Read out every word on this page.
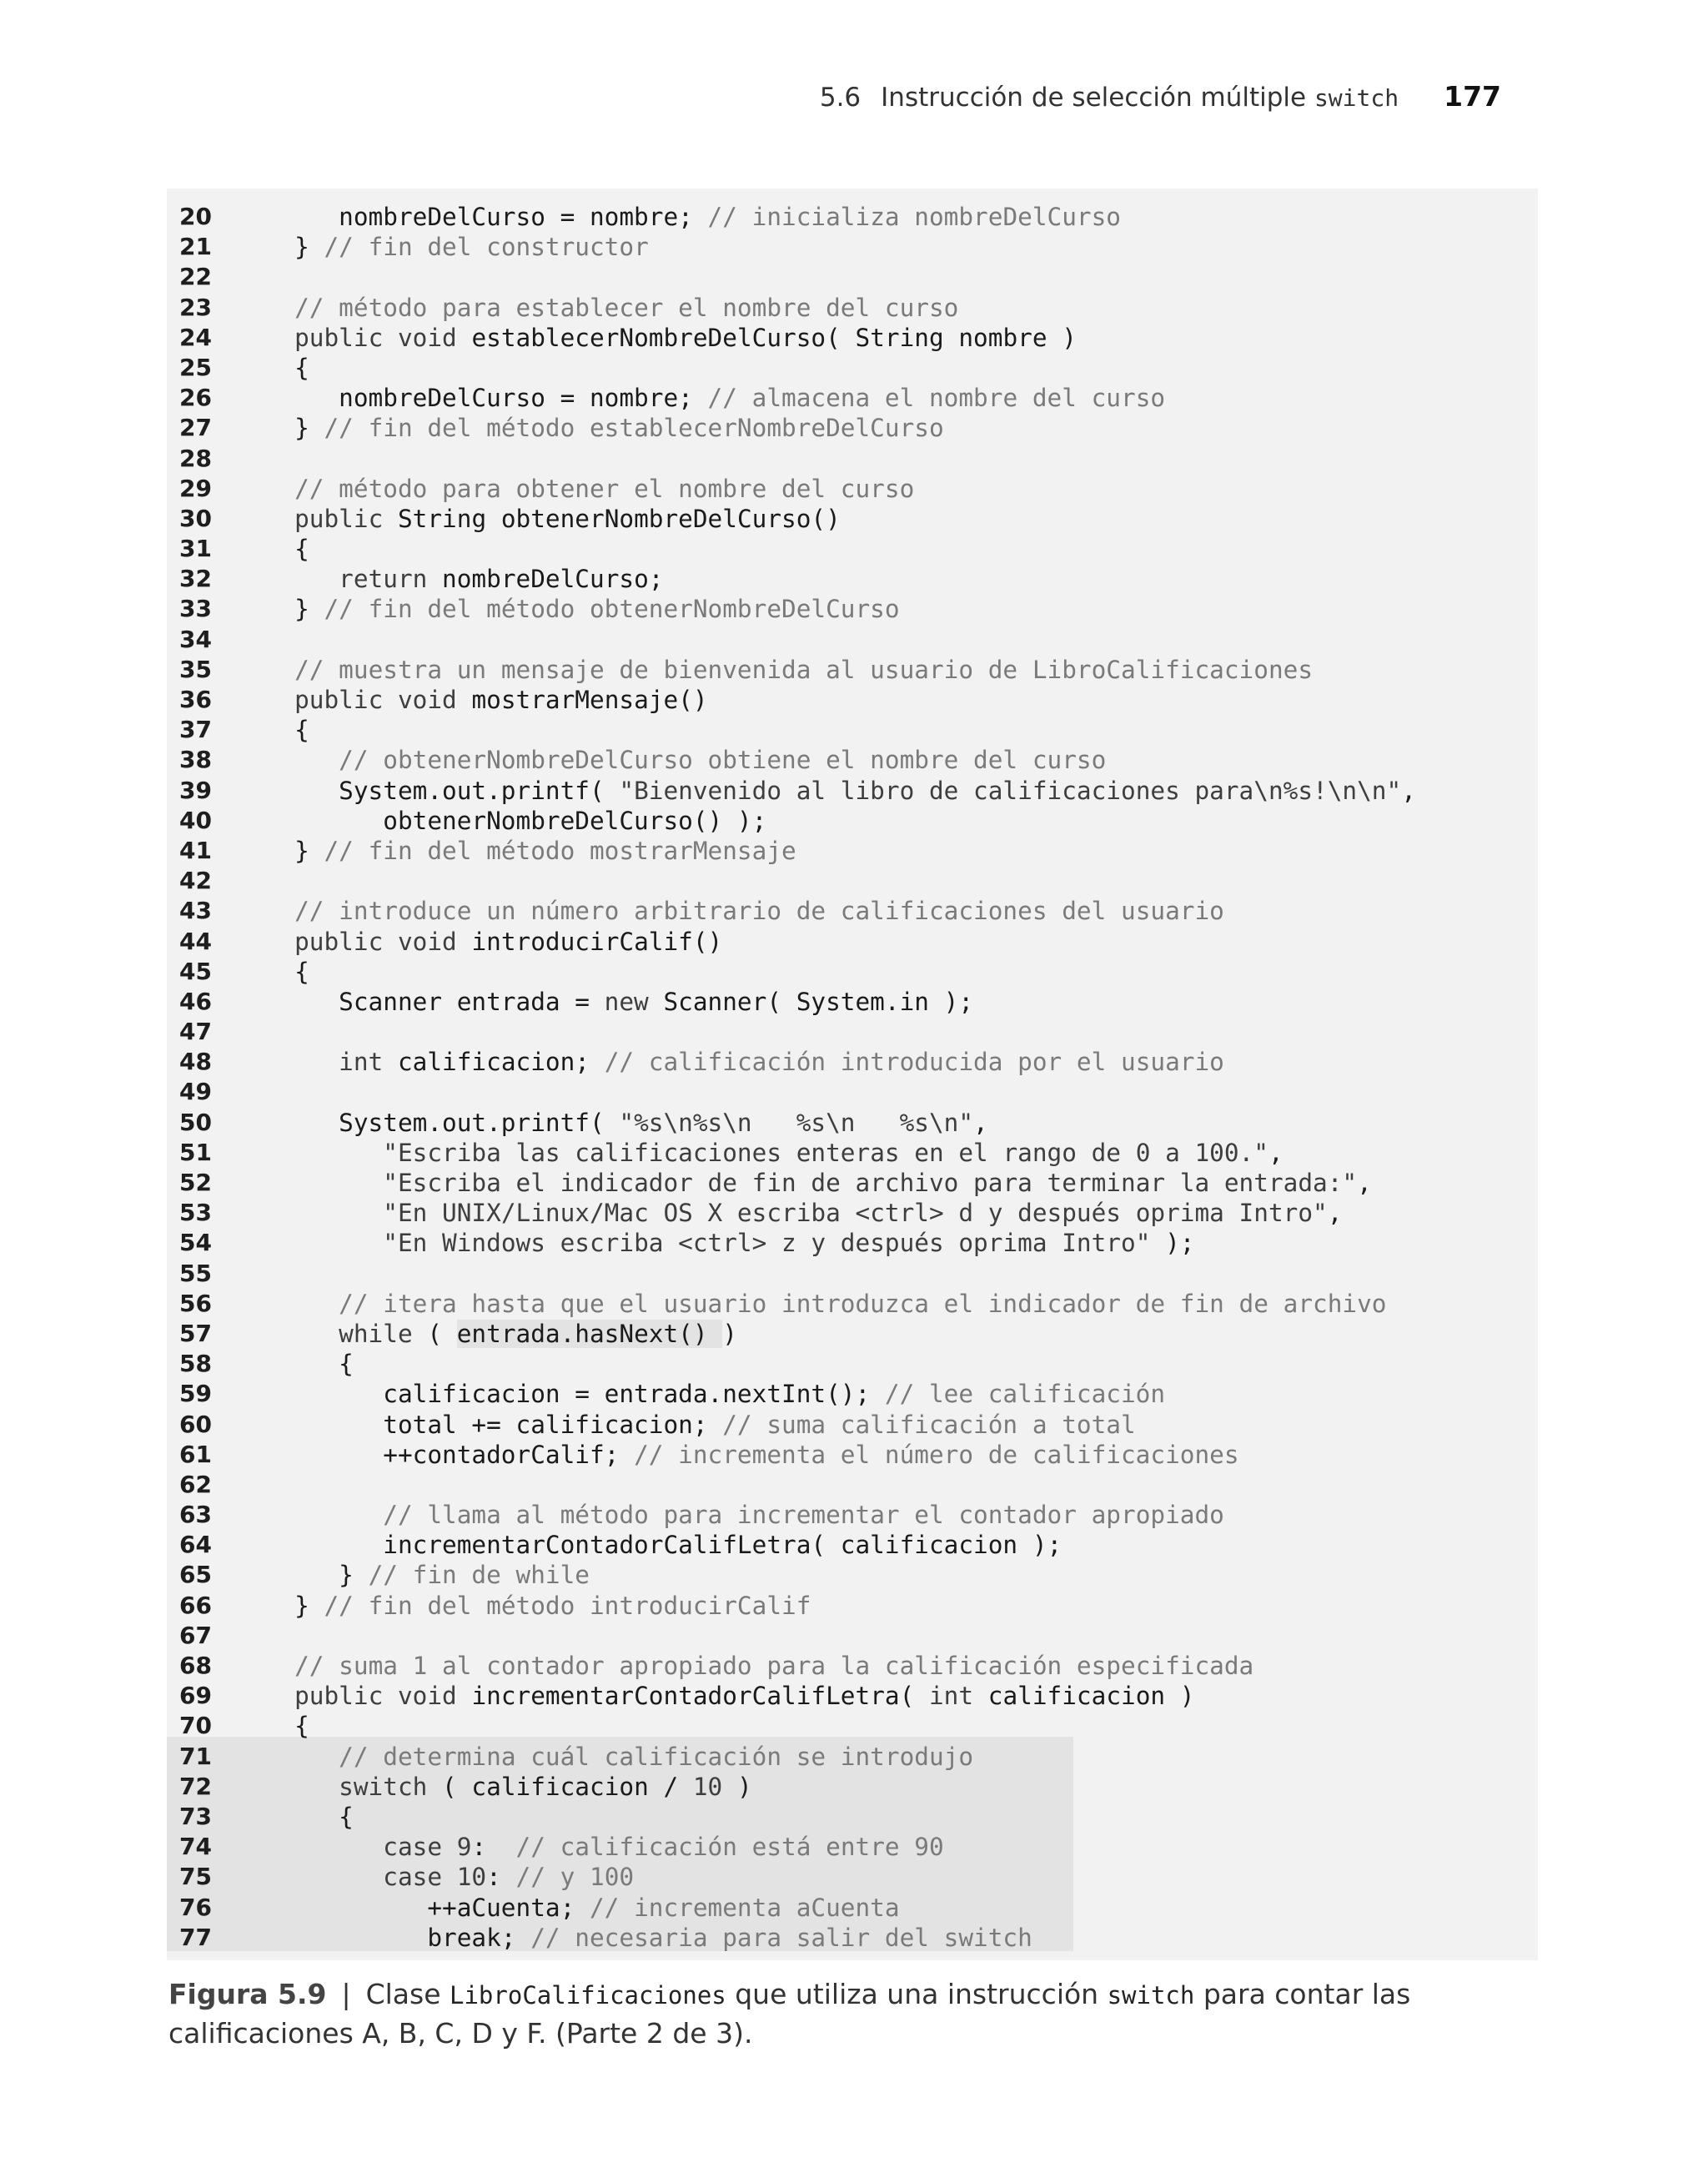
5.6 Instrucción de selección múltiple switch 177
20 nombreDelCurso = nombre; // inicializa nombreDelCurso
21 } // fin del constructor
22
23	// método para establecer el nombre del curso
24	public void establecerNombreDelCurso( String nombre )
25 {
26 nombreDelCurso = nombre; // almacena el nombre del curso
27 } // fin del método establecerNombreDelCurso
28
29	// método para obtener el nombre del curso
30	public String obtenerNombreDelCurso()
31 {
32	return nombreDelCurso;
33 } // fin del método obtenerNombreDelCurso
34
35	// muestra un mensaje de bienvenida al usuario de LibroCalificaciones
36	public void mostrarMensaje()
37 {
38	// obtenerNombreDelCurso obtiene el nombre del curso
39 System.out.printf( "Bienvenido al libro de calificaciones para\n%s!\n\n",
40 obtenerNombreDelCurso() );
41 } // fin del método mostrarMensaje
42
43	// introduce un número arbitrario de calificaciones del usuario
44	public void introducirCalif()
45 {
46 Scanner entrada = new Scanner( System.in );
47
48	int calificacion; // calificación introducida por el usuario
49
50 System.out.printf( "%s\n%s\n   %s\n   %s\n",
51	"Escriba las calificaciones enteras en el rango de 0 a 100.",
52	"Escriba el indicador de fin de archivo para terminar la entrada:",
53	"En UNIX/Linux/Mac OS X escriba <ctrl> d y después oprima Intro",
54	"En Windows escriba <ctrl> z y después oprima Intro" );
55
56	// itera hasta que el usuario introduzca el indicador de fin de archivo
57	while ( entrada.hasNext() )
58 {
59 calificacion = entrada.nextInt(); // lee calificación
60 total += calificacion; // suma calificación a total
61 ++contadorCalif; // incrementa el número de calificaciones
62
63	// llama al método para incrementar el contador apropiado
64 incrementarContadorCalifLetra( calificacion );
65 } // fin de while
66 } // fin del método introducirCalif
67
68	// suma 1 al contador apropiado para la calificación especificada
69	public void incrementarContadorCalifLetra( int calificacion )
70 {
71	// determina cuál calificación se introdujo
72	switch ( calificacion / 10 )
73 {
74	case 9:  // calificación está entre 90
75	case 10: // y 100
76 ++aCuenta; // incrementa aCuenta
77 break; // necesaria para salir del switch
Figura 5.9 | Clase LibroCalificaciones que utiliza una instrucción switch para contar las calificaciones A, B, C, D y F. (Parte 2 de 3).
